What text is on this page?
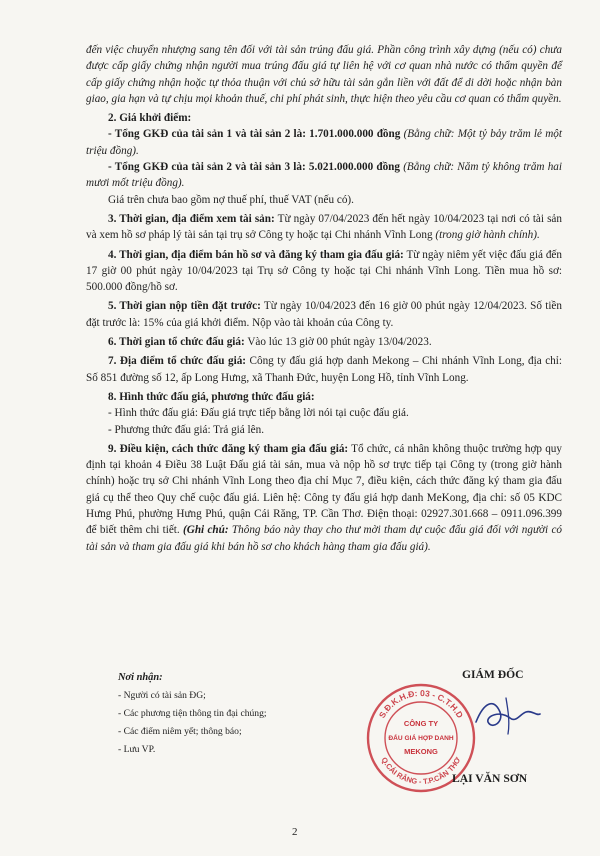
đến việc chuyển nhượng sang tên đối với tài sản trúng đấu giá. Phần công trình xây dựng (nếu có) chưa được cấp giấy chứng nhận người mua trúng đấu giá tự liên hệ với cơ quan nhà nước có thẩm quyền để cấp giấy chứng nhận hoặc tự thỏa thuận với chủ sở hữu tài sản gắn liền với đất để di dời hoặc nhận bàn giao, gia hạn và tự chịu mọi khoản thuế, chi phí phát sinh, thực hiện theo yêu cầu cơ quan có thẩm quyền.

2. Giá khởi điểm:

- Tổng GKĐ của tài sản 1 và tài sản 2 là: 1.701.000.000 đồng (Bằng chữ: Một tỷ bảy trăm lẻ một triệu đồng).

- Tổng GKĐ của tài sản 2 và tài sản 3 là: 5.021.000.000 đồng (Bằng chữ: Năm tỷ không trăm hai mươi mốt triệu đồng).

Giá trên chưa bao gồm nợ thuế phí, thuế VAT (nếu có).

3. Thời gian, địa điểm xem tài sản: Từ ngày 07/04/2023 đến hết ngày 10/04/2023 tại nơi có tài sản và xem hồ sơ pháp lý tài sản tại trụ sở Công ty hoặc tại Chi nhánh Vĩnh Long (trong giờ hành chính).

4. Thời gian, địa điểm bán hồ sơ và đăng ký tham gia đấu giá: Từ ngày niêm yết việc đấu giá đến 17 giờ 00 phút ngày 10/04/2023 tại Trụ sở Công ty hoặc tại Chi nhánh Vĩnh Long. Tiền mua hồ sơ: 500.000 đồng/hồ sơ.

5. Thời gian nộp tiền đặt trước: Từ ngày 10/04/2023 đến 16 giờ 00 phút ngày 12/04/2023. Số tiền đặt trước là: 15% của giá khởi điểm. Nộp vào tài khoản của Công ty.

6. Thời gian tổ chức đấu giá: Vào lúc 13 giờ 00 phút ngày 13/04/2023.

7. Địa điểm tổ chức đấu giá: Công ty đấu giá hợp danh Mekong – Chi nhánh Vĩnh Long, địa chỉ: Số 851 đường số 12, ấp Long Hưng, xã Thanh Đức, huyện Long Hồ, tỉnh Vĩnh Long.

8. Hình thức đấu giá, phương thức đấu giá:

- Hình thức đấu giá: Đấu giá trực tiếp bằng lời nói tại cuộc đấu giá.

- Phương thức đấu giá: Trả giá lên.

9. Điều kiện, cách thức đăng ký tham gia đấu giá: Tổ chức, cá nhân không thuộc trường hợp quy định tại khoản 4 Điều 38 Luật Đấu giá tài sản, mua và nộp hồ sơ trực tiếp tại Công ty (trong giờ hành chính) hoặc trụ sở Chi nhánh Vĩnh Long theo địa chỉ Mục 7, điều kiện, cách thức đăng ký tham gia đấu giá cụ thể theo Quy chế cuộc đấu giá. Liên hệ: Công ty đấu giá hợp danh MeKong, địa chỉ: số 05 KDC Hưng Phú, phường Hưng Phú, quận Cái Răng, TP. Cần Thơ. Điện thoại: 02927.301.668 – 0911.096.399 để biết thêm chi tiết. (Ghi chú: Thông báo này thay cho thư mời tham dự cuộc đấu giá đối với người có tài sản và tham gia đấu giá khi bán hồ sơ cho khách hàng tham gia đấu giá).

Nơi nhận:
- Người có tài sản ĐG;
- Các phương tiện thông tin đại chúng;
- Các điểm niêm yết; thông báo;
- Lưu VP.
GIÁM ĐỐC
S.Đ.K.H.Đ: 03 - C.T.H.D
Q.CÁI RĂNG - T.P.CẦN THƠ
CÔNG TY
ĐẤU GIÁ HỢP DANH
MEKONG
LẠI VĂN SƠN
2
